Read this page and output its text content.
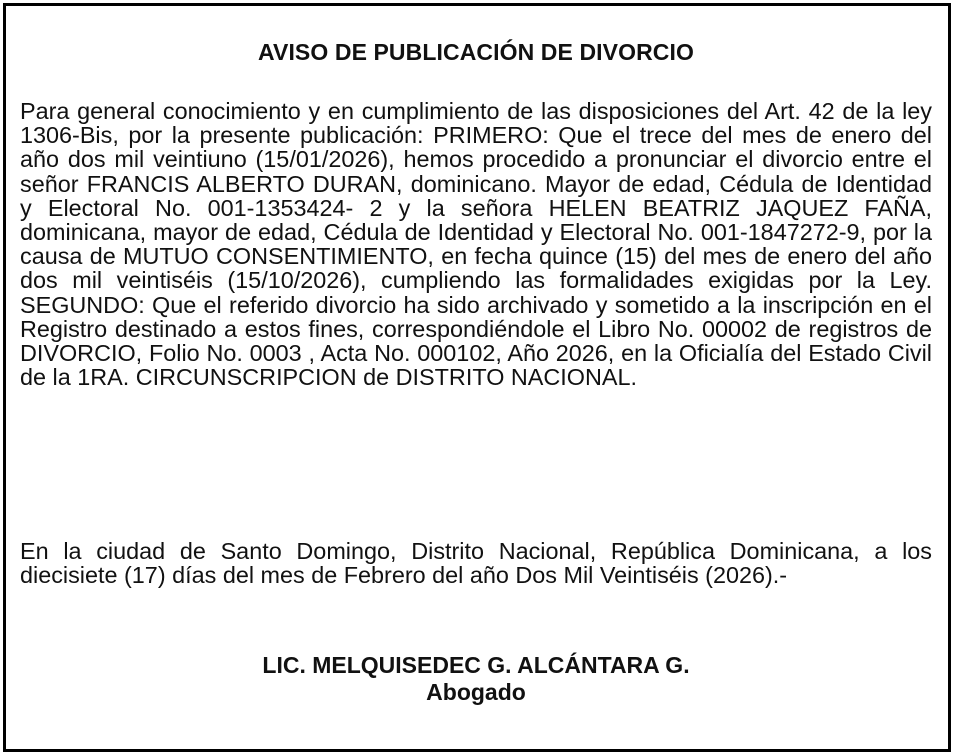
AVISO DE PUBLICACIÓN DE DIVORCIO

Para general conocimiento y en cumplimiento de las disposiciones del Art. 42 de la ley 1306-Bis, por la presente publicación: PRIMERO: Que el trece del mes de enero del año dos mil veintiuno (15/01/2026), hemos procedido a pronunciar el divorcio entre el señor FRANCIS ALBERTO DURAN, dominicano. Mayor de edad, Cédula de Identidad y Electoral No. 001-1353424- 2 y la señora HELEN BEATRIZ JAQUEZ FAÑA, dominicana, mayor de edad, Cédula de Identidad y Electoral No. 001-1847272-9, por la causa de MUTUO CONSENTIMIENTO, en fecha quince (15) del mes de enero del año dos mil veintiséis (15/10/2026), cumpliendo las formalidades exigidas por la Ley. SEGUNDO: Que el referido divorcio ha sido archivado y sometido a la inscripción en el Registro destinado a estos fines, correspondiéndole el Libro No. 00002 de registros de DIVORCIO, Folio No. 0003 , Acta No. 000102, Año 2026, en la Oficialía del Estado Civil de la 1RA. CIRCUNSCRIPCION de DISTRITO NACIONAL.

En la ciudad de Santo Domingo, Distrito Nacional, República Dominicana, a los diecisiete (17) días del mes de Febrero del año Dos Mil Veintiséis (2026).-

LIC. MELQUISEDEC G. ALCÁNTARA G.
Abogado
